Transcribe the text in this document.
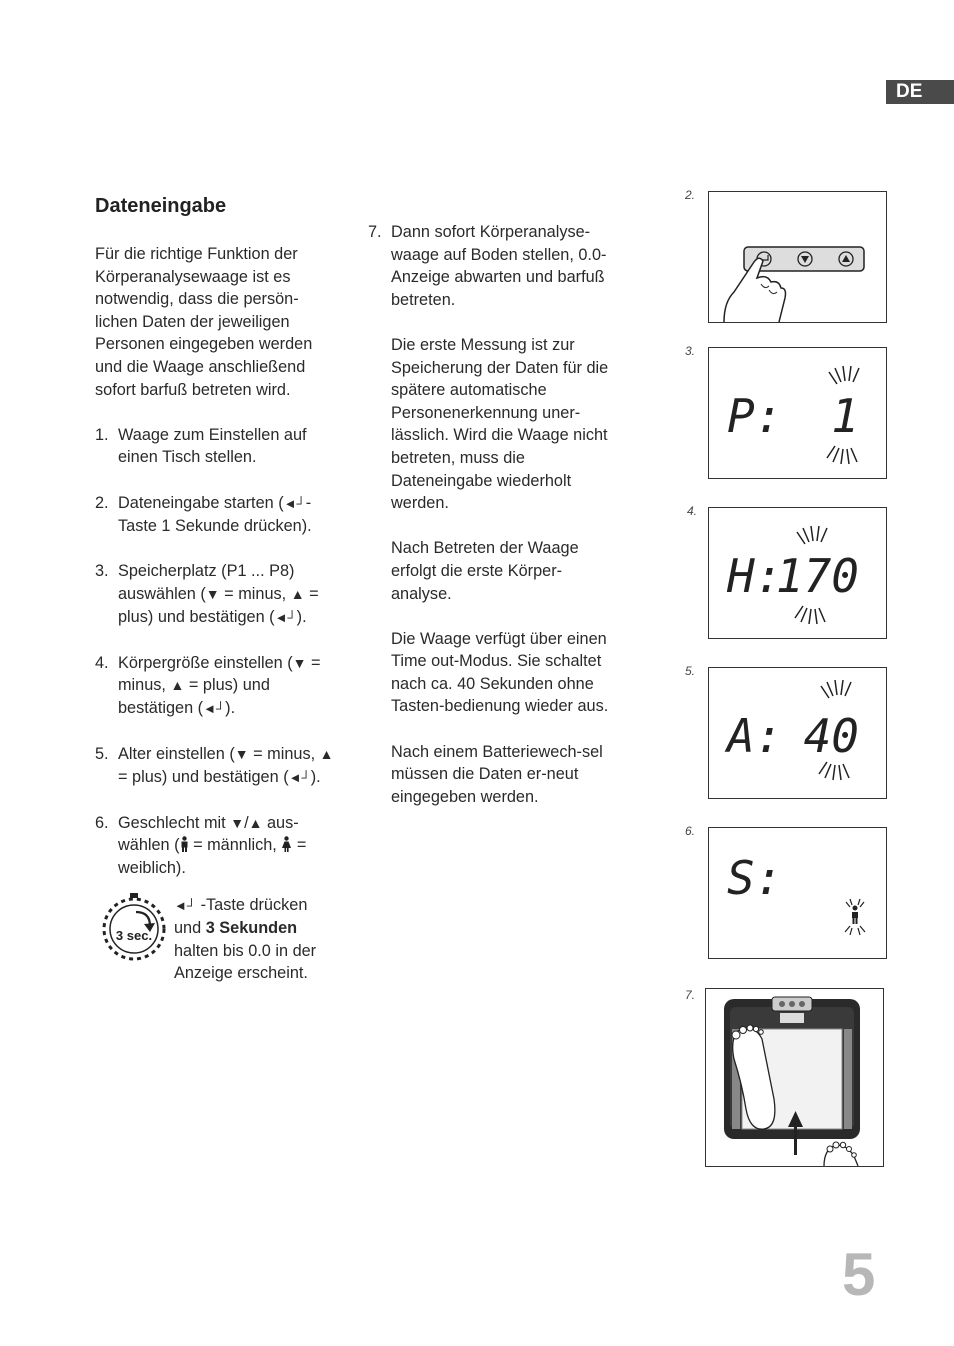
DE
Dateneingabe

Für die richtige Funktion der Körperanalysewaage ist es notwendig, dass die persön-lichen Daten der jeweiligen Personen eingegeben werden und die Waage anschließend sofort barfuß betreten wird.

1. Waage zum Einstellen auf einen Tisch stellen.
2. Dateneingabe starten (◄┘- Taste 1 Sekunde drücken).
3. Speicherplatz (P1 ... P8) auswählen (▼ = minus, ▲ = plus) und bestätigen (◄┘).
4. Körpergröße einstellen (▼ = minus, ▲ = plus) und bestätigen (◄┘).
5. Alter einstellen (▼ = minus, ▲ = plus) und bestätigen (◄┘).
6. Geschlecht mit ▼/▲ aus-wählen ( = männlich,  = weiblich).
3 sec.
◄┘ -Taste drücken und 3 Sekunden halten bis 0.0 in der Anzeige erscheint.
7. Dann sofort Körperanalyse-waage auf Boden stellen, 0.0-Anzeige abwarten und barfuß betreten.

Die erste Messung ist zur Speicherung der Daten für die spätere automatische Personenerkennung uner-lässlich. Wird die Waage nicht betreten, muss die Dateneingabe wiederholt werden.

Nach Betreten der Waage erfolgt die erste Körper-analyse.

Die Waage verfügt über einen Time out-Modus. Sie schaltet nach ca. 40 Sekunden ohne Tasten-bedienung wieder aus.

Nach einem Batteriewech-sel müssen die Daten er-neut eingegeben werden.

2.
3.
P: 1
4.
H:
170
5.
A: 40
6.
S:
7.
5
